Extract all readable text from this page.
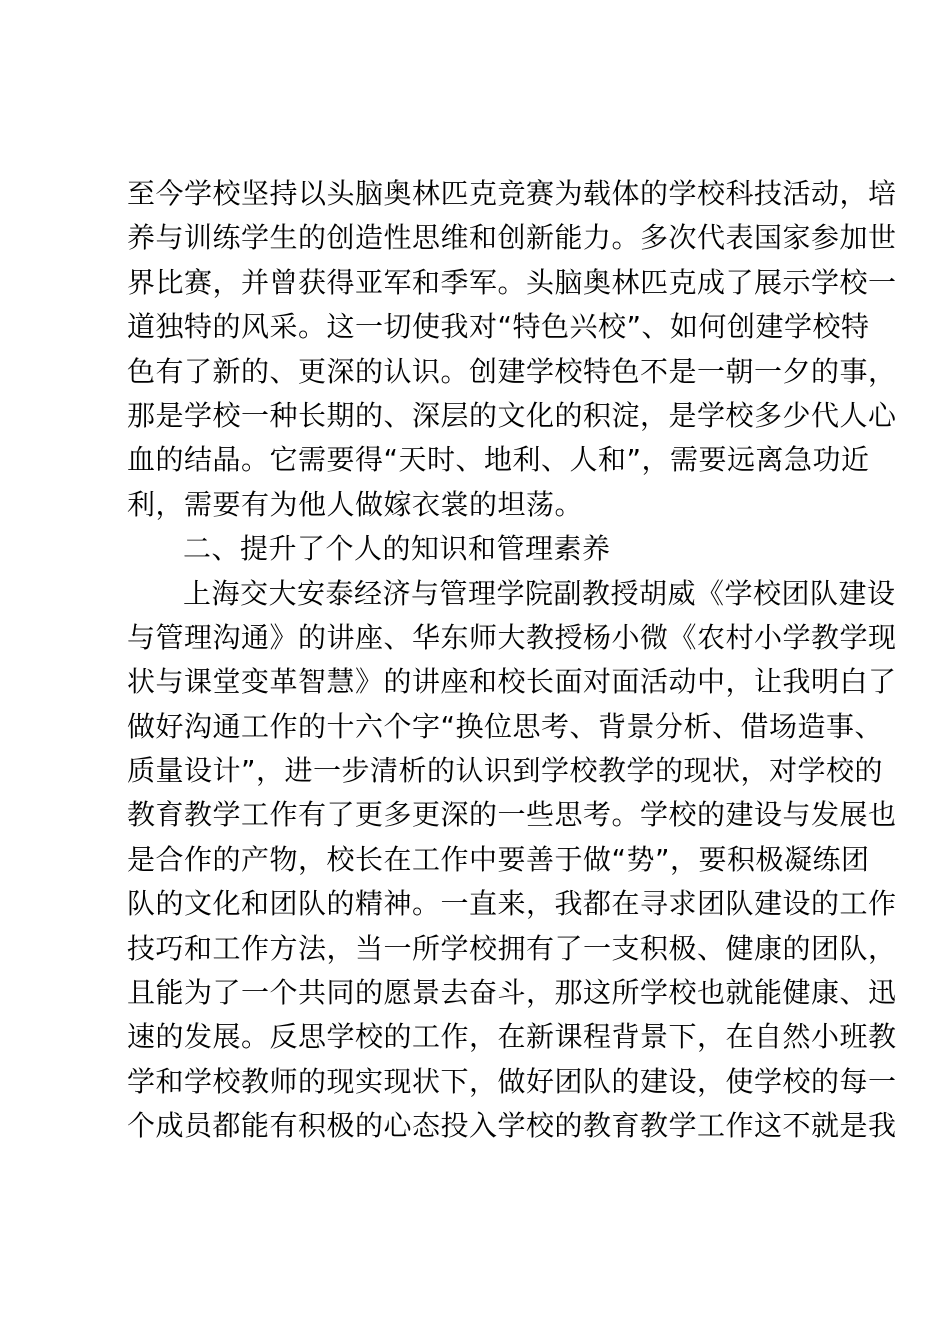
至今学校坚持以头脑奥林匹克竞赛为载体的学校科技活动，培
养与训练学生的创造性思维和创新能力。多次代表国家参加世
界比赛，并曾获得亚军和季军。头脑奥林匹克成了展示学校一
道独特的风采。这一切使我对“特色兴校”、如何创建学校特
色有了新的、更深的认识。创建学校特色不是一朝一夕的事，
那是学校一种长期的、深层的文化的积淀，是学校多少代人心
血的结晶。它需要得“天时、地利、人和”，需要远离急功近
利，需要有为他人做嫁衣裳的坦荡。
二、提升了个人的知识和管理素养
上海交大安泰经济与管理学院副教授胡威《学校团队建设
与管理沟通》的讲座、华东师大教授杨小微《农村小学教学现
状与课堂变革智慧》的讲座和校长面对面活动中，让我明白了
做好沟通工作的十六个字“换位思考、背景分析、借场造事、
质量设计”，进一步清析的认识到学校教学的现状，对学校的
教育教学工作有了更多更深的一些思考。学校的建设与发展也
是合作的产物，校长在工作中要善于做“势”，要积极凝练团
队的文化和团队的精神。一直来，我都在寻求团队建设的工作
技巧和工作方法，当一所学校拥有了一支积极、健康的团队，
且能为了一个共同的愿景去奋斗，那这所学校也就能健康、迅
速的发展。反思学校的工作，在新课程背景下，在自然小班教
学和学校教师的现实现状下，做好团队的建设，使学校的每一
个成员都能有积极的心态投入学校的教育教学工作这不就是我
